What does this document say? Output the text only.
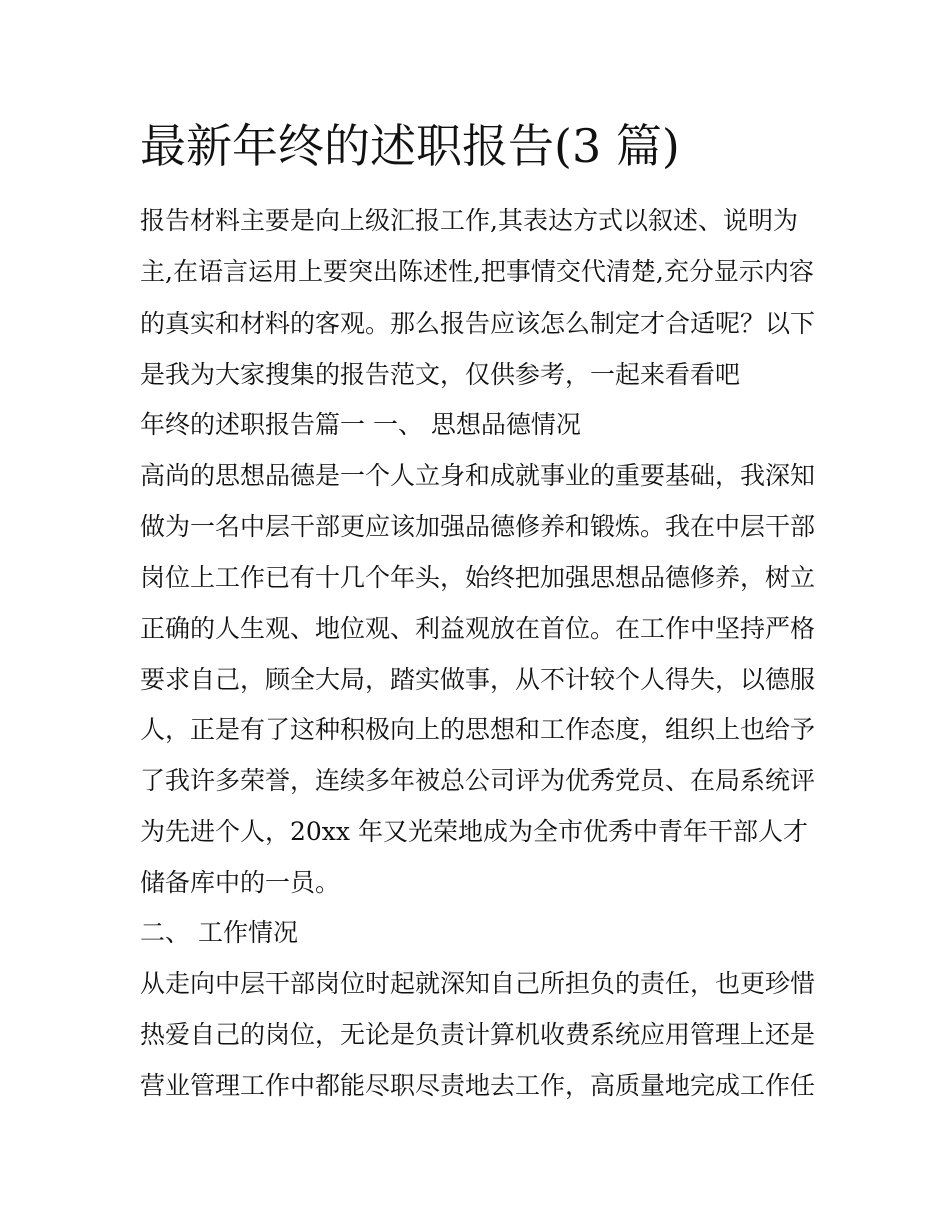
最新年终的述职报告(3 篇)

报告材料主要是向上级汇报工作,其表达方式以叙述、说明为

主,在语言运用上要突出陈述性,把事情交代清楚,充分显示内容

的真实和材料的客观。那么报告应该怎么制定才合适呢？以下

是我为大家搜集的报告范文，仅供参考，一起来看看吧

年终的述职报告篇一 一、 思想品德情况

高尚的思想品德是一个人立身和成就事业的重要基础，我深知

做为一名中层干部更应该加强品德修养和锻炼。我在中层干部

岗位上工作已有十几个年头，始终把加强思想品德修养，树立

正确的人生观、地位观、利益观放在首位。在工作中坚持严格

要求自己，顾全大局，踏实做事，从不计较个人得失，以德服

人，正是有了这种积极向上的思想和工作态度，组织上也给予

了我许多荣誉，连续多年被总公司评为优秀党员、在局系统评

为先进个人，20xx 年又光荣地成为全市优秀中青年干部人才

储备库中的一员。

二、 工作情况

从走向中层干部岗位时起就深知自己所担负的责任，也更珍惜

热爱自己的岗位，无论是负责计算机收费系统应用管理上还是

营业管理工作中都能尽职尽责地去工作，高质量地完成工作任
